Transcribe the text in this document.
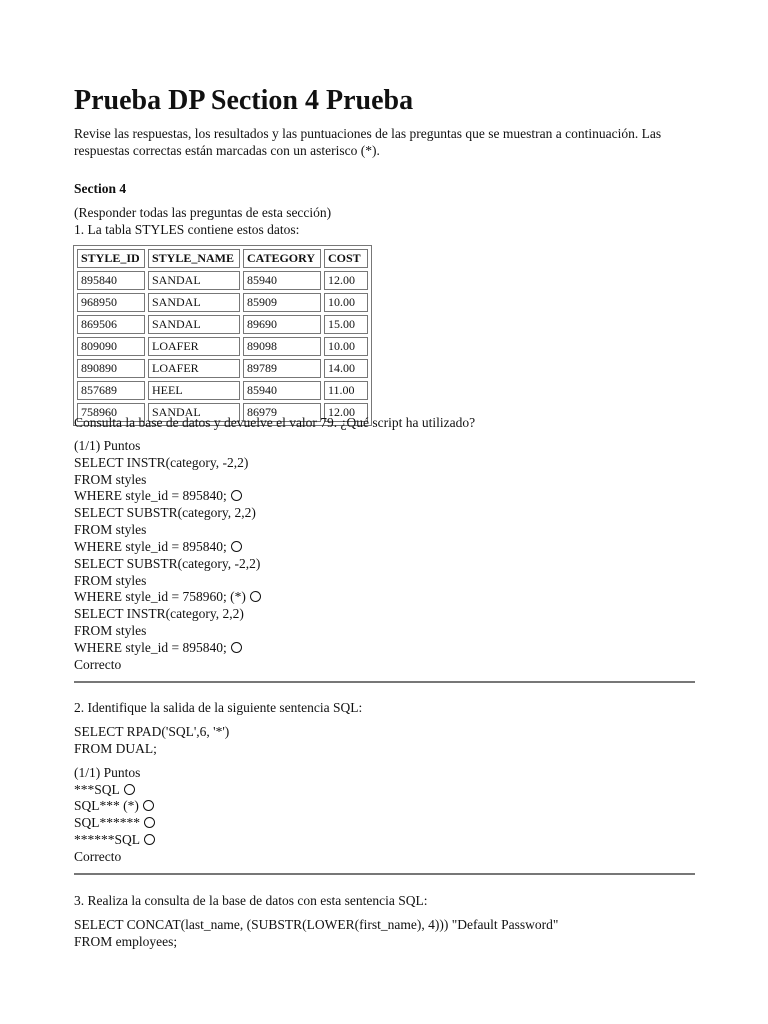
Prueba DP Section 4 Prueba

Revise las respuestas, los resultados y las puntuaciones de las preguntas que se muestran a continuación. Las respuestas correctas están marcadas con un asterisco (*).

Section 4
(Responder todas las preguntas de esta sección)
1. La tabla STYLES contiene estos datos:
STYLE_ID	STYLE_NAME	CATEGORY	COST
895840	SANDAL	85940	12.00
968950	SANDAL	85909	10.00
869506	SANDAL	89690	15.00
809090	LOAFER	89098	10.00
890890	LOAFER	89789	14.00
857689	HEEL	85940	11.00
758960	SANDAL	86979	12.00
Consulta la base de datos y devuelve el valor 79. ¿Qué script ha utilizado?
(1/1) Puntos
SELECT INSTR(category, -2,2)
FROM styles
WHERE style_id = 895840;
SELECT SUBSTR(category, 2,2)
FROM styles
WHERE style_id = 895840;
SELECT SUBSTR(category, -2,2)
FROM styles
WHERE style_id = 758960; (*)
SELECT INSTR(category, 2,2)
FROM styles
WHERE style_id = 895840;
Correcto
2. Identifique la salida de la siguiente sentencia SQL:
SELECT RPAD('SQL',6, '*')
FROM DUAL;
(1/1) Puntos
***SQL
SQL*** (*)
SQL******
******SQL
Correcto
3. Realiza la consulta de la base de datos con esta sentencia SQL:
SELECT CONCAT(last_name, (SUBSTR(LOWER(first_name), 4))) "Default Password"
FROM employees;
